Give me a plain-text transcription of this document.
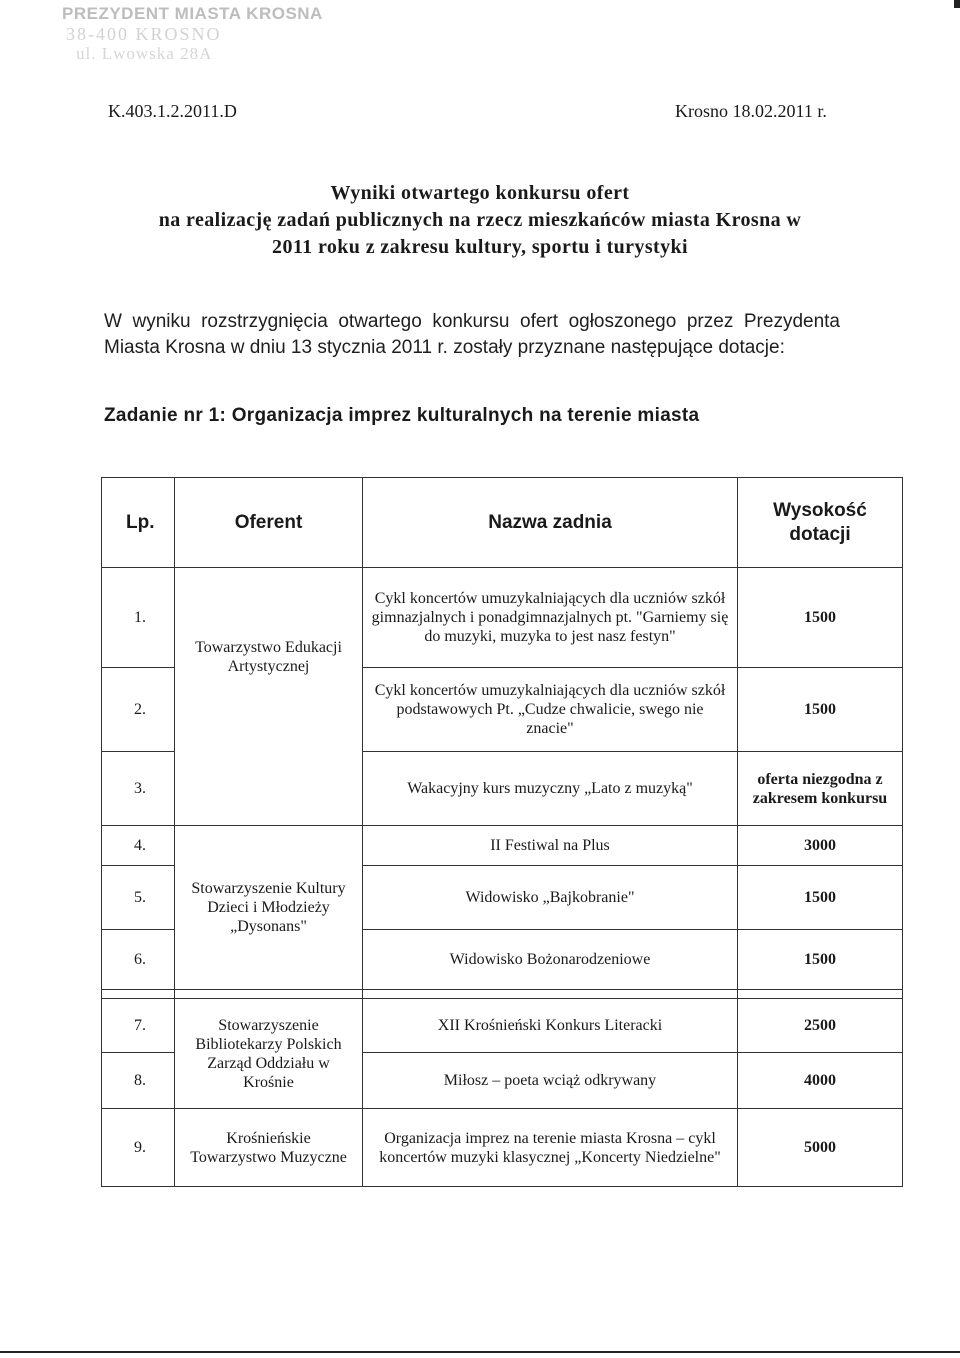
PREZYDENT MIASTA KROSNA
38-400 KROSNO
ul. Lwowska 28A
K.403.1.2.2011.D	Krosno 18.02.2011 r.
Wyniki otwartego konkursu ofert
na realizację zadań publicznych na rzecz mieszkańców miasta Krosna w
2011 roku z zakresu kultury, sportu i turystyki
W wyniku rozstrzygnięcia otwartego konkursu ofert ogłoszonego przez Prezydenta Miasta Krosna w dniu 13 stycznia 2011 r. zostały przyznane następujące dotacje:
Zadanie nr 1: Organizacja imprez kulturalnych na terenie miasta
Lp.	Oferent	Nazwa zadnia	Wysokość dotacji
1.	Towarzystwo Edukacji Artystycznej	Cykl koncertów umuzykalniających dla uczniów szkół gimnazjalnych i ponadgimnazjalnych pt. "Garniemy się do muzyki, muzyka to jest nasz festyn"	1500
2.		Cykl koncertów umuzykalniających dla uczniów szkół podstawowych Pt. „Cudze chwalicie, swego nie znacie"	1500
3.		Wakacyjny kurs muzyczny „Lato z muzyką"	oferta niezgodna z zakresem konkursu
4.	Stowarzyszenie Kultury Dzieci i Młodzieży „Dysonans"	II Festiwal na Plus	3000
5.		Widowisko „Bajkobranie"	1500
6.		Widowisko Bożonarodzeniowe	1500

7.	Stowarzyszenie Bibliotekarzy Polskich Zarząd Oddziału w Krośnie	XII Krośnieński Konkurs Literacki	2500
8.		Miłosz – poeta wciąż odkrywany	4000
9.	Krośnieńskie Towarzystwo Muzyczne	Organizacja imprez na terenie miasta Krosna – cykl koncertów muzyki klasycznej „Koncerty Niedzielne"	5000
